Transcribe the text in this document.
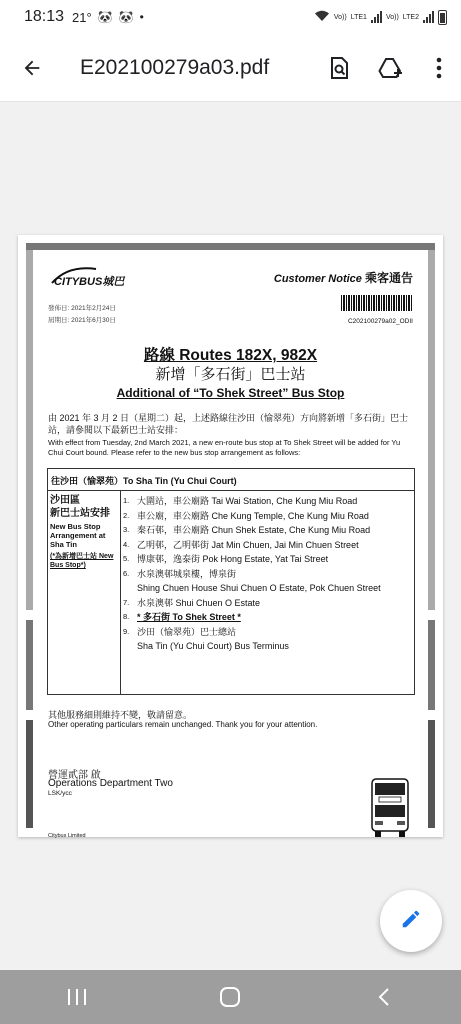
18:13 21° 🐼 🐼 •	Vo)) LTE1	Vo)) LTE2
E202100279a03.pdf
CITYBUS城巴	Customer Notice 乘客通告
發佈日: 2021年2月24日
屆期日: 2021年6月30日	C202100279a02_ODII
路線 Routes 182X, 982X
新增「多石街」巴士站
Additional of “To Shek Street” Bus Stop
由 2021 年 3 月 2 日（星期二）起，上述路線往沙田（愉翠苑）方向將新增「多石街」巴士站，請參閱以下最新巴士站安排：
With effect from Tuesday, 2nd March 2021, a new en-route bus stop at To Shek Street will be added for Yu Chui Court bound. Please refer to the new bus stop arrangement as follows:
往沙田（愉翠苑）To Sha Tin (Yu Chui Court)
沙田區
新巴士站安排
New Bus Stop Arrangement at Sha Tin
(*為新增巴士站 New Bus Stop*)
1. 大圍站，車公廟路 Tai Wai Station, Che Kung Miu Road
2. 車公廟，車公廟路 Che Kung Temple, Che Kung Miu Road
3. 秦石邨，車公廟路 Chun Shek Estate, Che Kung Miu Road
4. 乙明邨，乙明邨街 Jat Min Chuen, Jai Min Chuen Street
5. 博康邨，逸泰街 Pok Hong Estate, Yat Tai Street
6. 水泉澳邨城泉樓，博泉街
Shing Chuen House Shui Chuen O Estate, Pok Chuen Street
7. 水泉澳邨 Shui Chuen O Estate
8. * 多石街 To Shek Street *
9. 沙田（愉翠苑）巴士總站
Sha Tin (Yu Chui Court) Bus Terminus
其他服務細則維持不變，敬請留意。
Other operating particulars remain unchanged. Thank you for your attention.
營運貳部 啟
Operations Department Two
LSK/ycc
Citybus Limited
